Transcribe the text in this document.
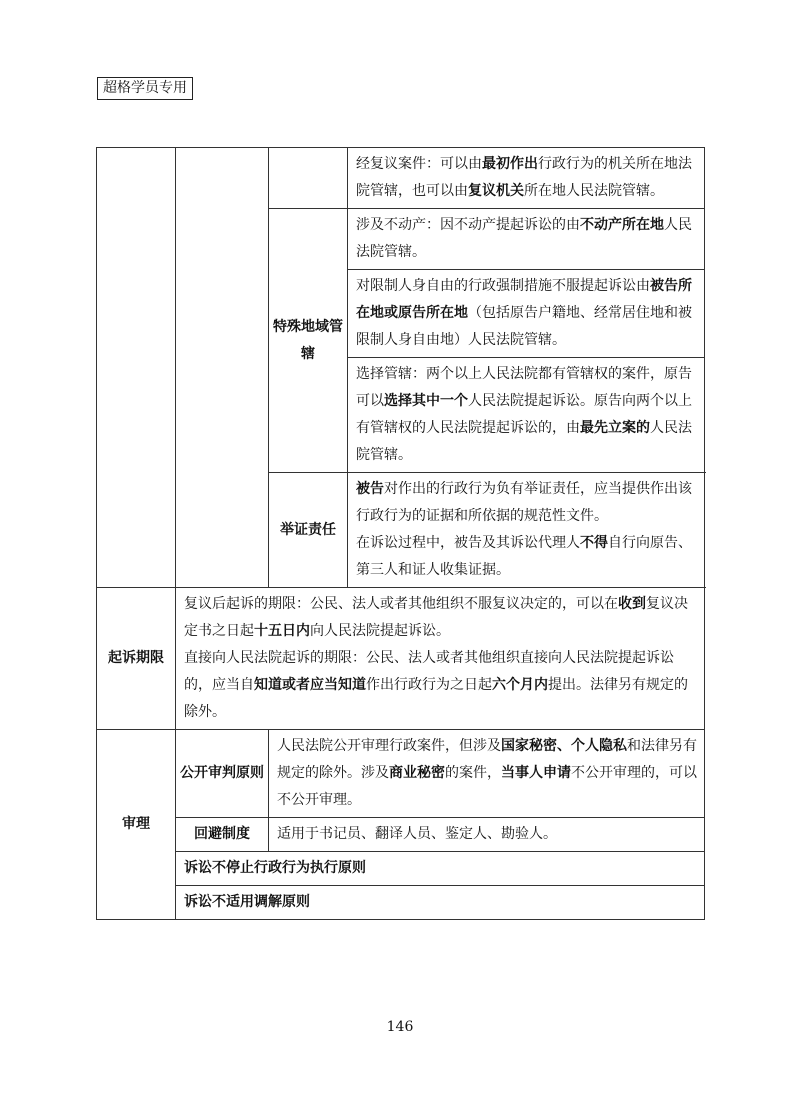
超格学员专用
			经复议案件：可以由最初作出行政行为的机关所在地法院管辖，也可以由复议机关所在地人民法院管辖。
		特殊地域管辖	涉及不动产：因不动产提起诉讼的由不动产所在地人民法院管辖。
			对限制人身自由的行政强制措施不服提起诉讼由被告所在地或原告所在地（包括原告户籍地、经常居住地和被限制人身自由地）人民法院管辖。
			选择管辖：两个以上人民法院都有管辖权的案件，原告可以选择其中一个人民法院提起诉讼。原告向两个以上有管辖权的人民法院提起诉讼的，由最先立案的人民法院管辖。
		举证责任	被告对作出的行政行为负有举证责任，应当提供作出该行政行为的证据和所依据的规范性文件。
在诉讼过程中，被告及其诉讼代理人不得自行向原告、第三人和证人收集证据。

起诉期限	复议后起诉的期限：公民、法人或者其他组织不服复议决定的，可以在收到复议决定书之日起十五日内向人民法院提起诉讼。
直接向人民法院起诉的期限：公民、法人或者其他组织直接向人民法院提起诉讼的，应当自知道或者应当知道作出行政行为之日起六个月内提出。法律另有规定的除外。		

审理	公开审判原则	人民法院公开审理行政案件，但涉及国家秘密、个人隐私和法律另有规定的除外。涉及商业秘密的案件，当事人申请不公开审理的，可以不公开审理。	
	回避制度	适用于书记员、翻译人员、鉴定人、勘验人。	
	诉讼不停止行政行为执行原则		
	诉讼不适用调解原则		
146
